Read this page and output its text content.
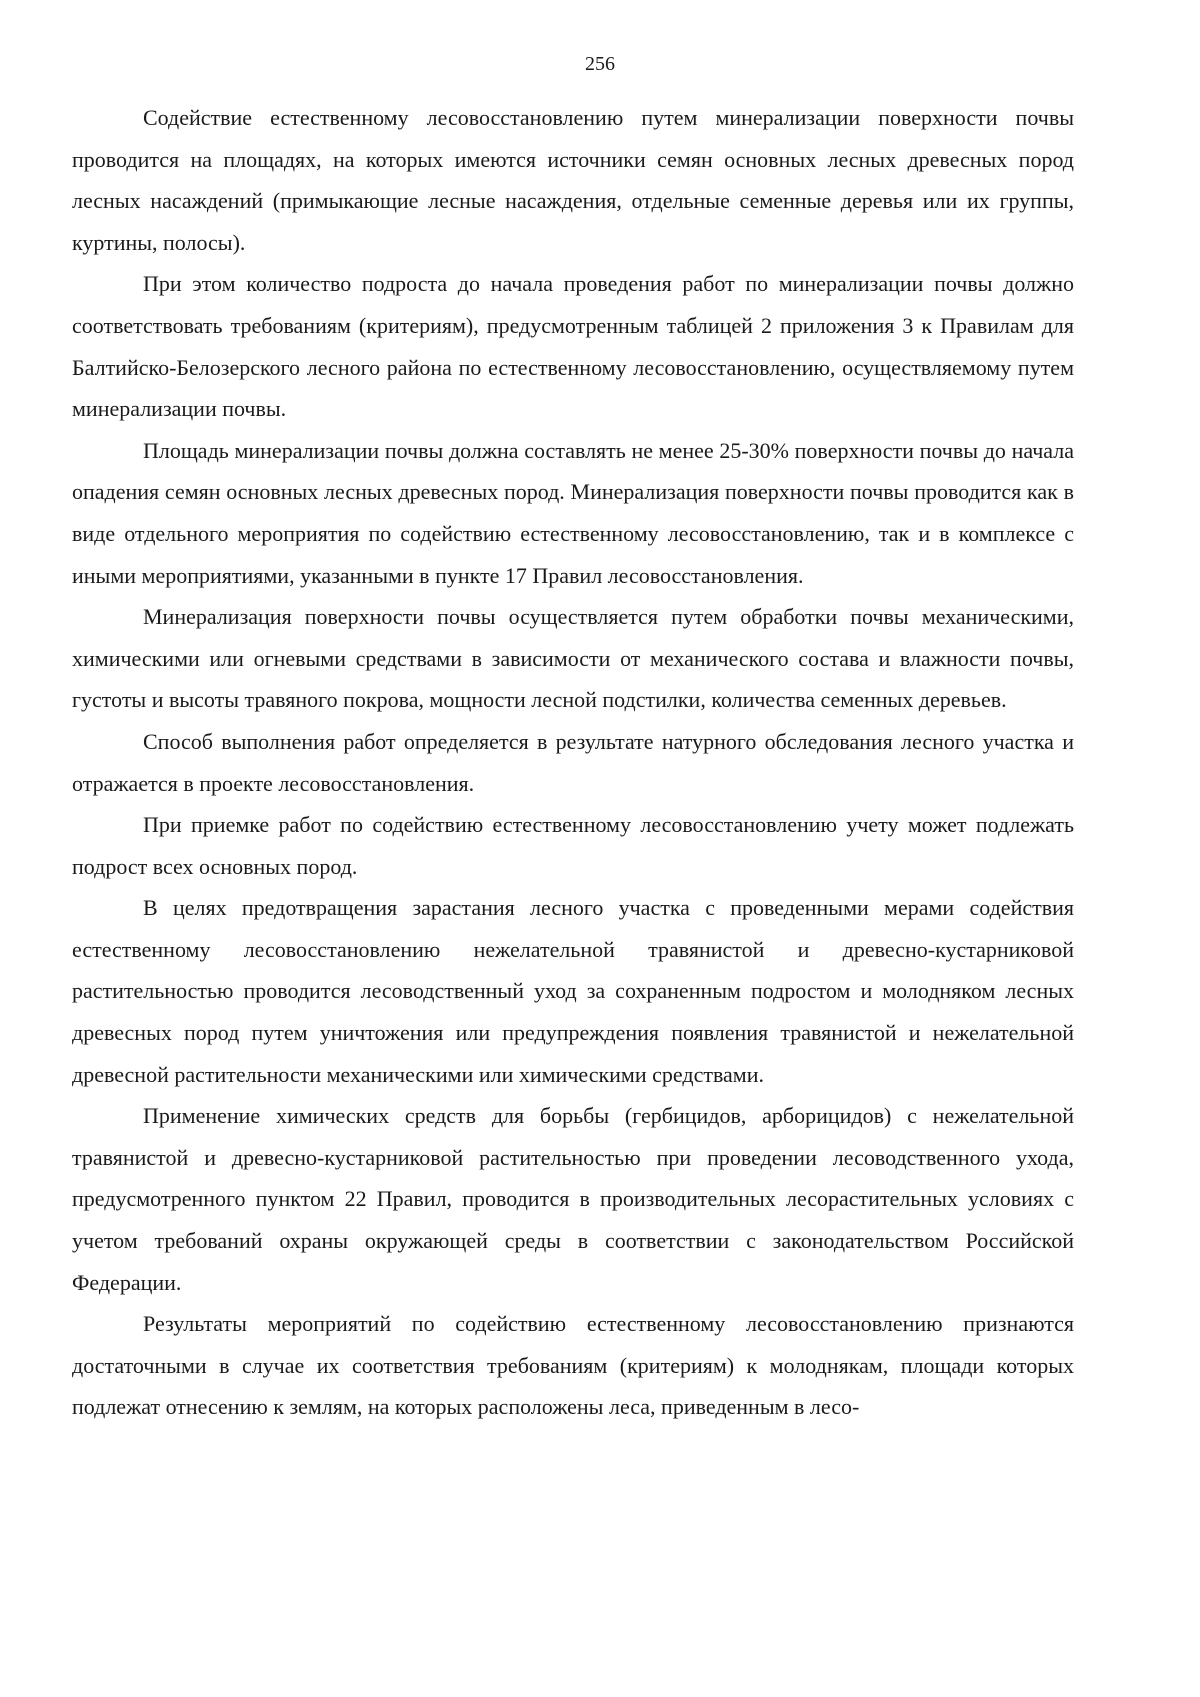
256

Содействие естественному лесовосстановлению путем минерализации поверхности почвы проводится на площадях, на которых имеются источники семян основных лесных древесных пород лесных насаждений (примыкающие лесные насаждения, отдельные семенные деревья или их группы, куртины, полосы).

При этом количество подроста до начала проведения работ по минерализации почвы должно соответствовать требованиям (критериям), предусмотренным таблицей 2 приложения 3 к Правилам для Балтийско-Белозерского лесного района по естественному лесовосстановлению, осуществляемому путем минерализации почвы.

Площадь минерализации почвы должна составлять не менее 25-30% поверхности почвы до начала опадения семян основных лесных древесных пород. Минерализация поверхности почвы проводится как в виде отдельного мероприятия по содействию естественному лесовосстановлению, так и в комплексе с иными мероприятиями, указанными в пункте 17 Правил лесовосстановления.

Минерализация поверхности почвы осуществляется путем обработки почвы механическими, химическими или огневыми средствами в зависимости от механического состава и влажности почвы, густоты и высоты травяного покрова, мощности лесной подстилки, количества семенных деревьев.

Способ выполнения работ определяется в результате натурного обследования лесного участка и отражается в проекте лесовосстановления.

При приемке работ по содействию естественному лесовосстановлению учету может подлежать подрост всех основных пород.

В целях предотвращения зарастания лесного участка с проведенными мерами содействия естественному лесовосстановлению нежелательной травянистой и древесно-кустарниковой растительностью проводится лесоводственный уход за сохраненным подростом и молодняком лесных древесных пород путем уничтожения или предупреждения появления травянистой и нежелательной древесной растительности механическими или химическими средствами.

Применение химических средств для борьбы (гербицидов, арборицидов) с нежелательной травянистой и древесно-кустарниковой растительностью при проведении лесоводственного ухода, предусмотренного пунктом 22 Правил, проводится в производительных лесорастительных условиях с учетом требований охраны окружающей среды в соответствии с законодательством Российской Федерации.

Результаты мероприятий по содействию естественному лесовосстановлению признаются достаточными в случае их соответствия требованиям (критериям) к молоднякам, площади которых подлежат отнесению к землям, на которых расположены леса, приведенным в лесо-
